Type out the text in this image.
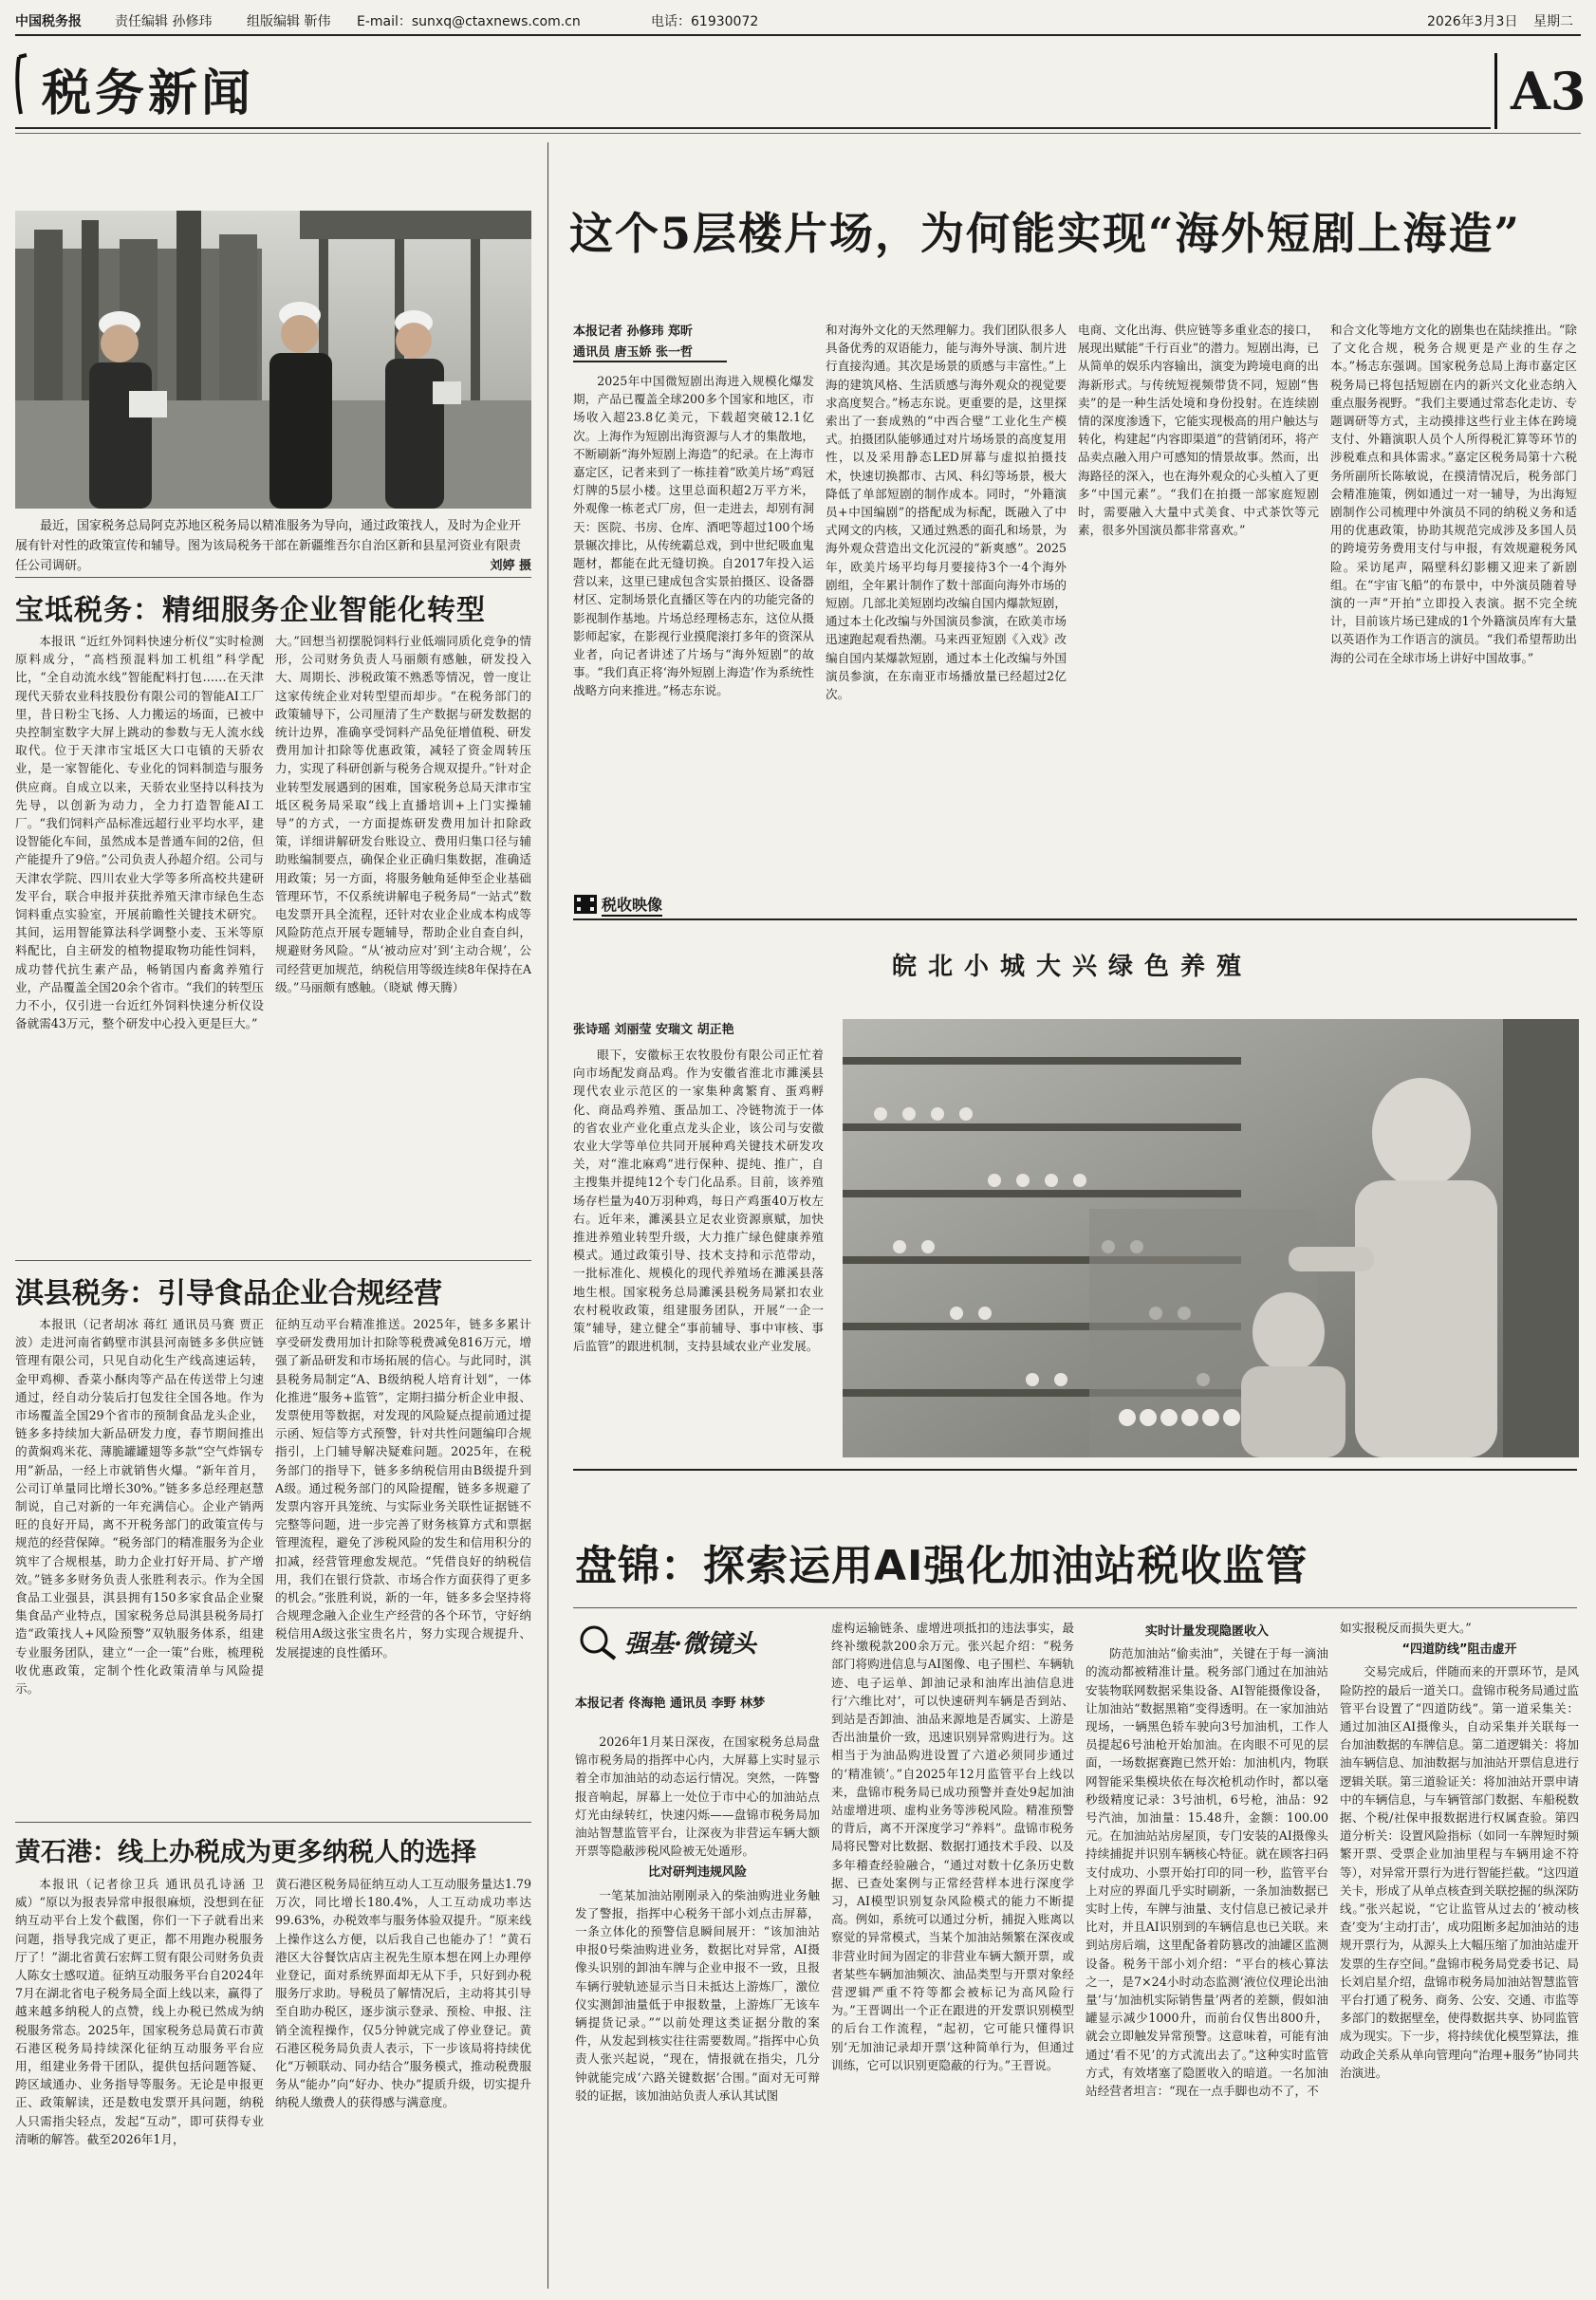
中国税务报	责任编辑 孙修玮	组版编辑 靳伟 E-mail：sunxq@ctaxnews.com.cn	电话：61930072	2026年3月3日 星期二
税务新闻	A3
最近，国家税务总局阿克苏地区税务局以精准服务为导向，通过政策找人，及时为企业开展有针对性的政策宣传和辅导。图为该局税务干部在新疆维吾尔自治区新和县星河资业有限责任公司调研。	刘婷 摄
宝坻税务：精细服务企业智能化转型

本报讯 “近红外饲料快速分析仪”实时检测原料成分，“高档预混料加工机组”科学配比，“全自动流水线”智能配料打包……在天津现代天骄农业科技股份有限公司的智能AI工厂里，昔日粉尘飞扬、人力搬运的场面，已被中央控制室数字大屏上跳动的参数与无人流水线取代。位于天津市宝坻区大口屯镇的天骄农业，是一家智能化、专业化的饲料制造与服务供应商。自成立以来，天骄农业坚持以科技为先导，以创新为动力，全力打造智能AI工厂。“我们饲料产品标准远超行业平均水平，建设智能化车间，虽然成本是普通车间的2倍，但产能提升了9倍。”公司负责人孙超介绍。公司与天津农学院、四川农业大学等多所高校共建研发平台，联合申报并获批养殖天津市绿色生态饲料重点实验室，开展前瞻性关键技术研究。其间，运用智能算法科学调整小麦、玉米等原料配比，自主研发的植物提取物功能性饲料，成功替代抗生素产品，畅销国内畜禽养殖行业，产品覆盖全国20余个省市。“我们的转型压力不小，仅引进一台近红外饲料快速分析仪设备就需43万元，整个研发中心投入更是巨大。”

大。”回想当初摆脱饲料行业低端同质化竞争的情形，公司财务负责人马丽颇有感触，研发投入大、周期长、涉税政策不熟悉等情况，曾一度让这家传统企业对转型望而却步。“在税务部门的政策辅导下，公司厘清了生产数据与研发数据的统计边界，准确享受饲料产品免征增值税、研发费用加计扣除等优惠政策，减轻了资金周转压力，实现了科研创新与税务合规双提升。”针对企业转型发展遇到的困难，国家税务总局天津市宝坻区税务局采取“线上直播培训+上门实操辅导”的方式，一方面提炼研发费用加计扣除政策，详细讲解研发台账设立、费用归集口径与辅助账编制要点，确保企业正确归集数据，准确适用政策；另一方面，将服务触角延伸至企业基础管理环节，不仅系统讲解电子税务局“一站式”数电发票开具全流程，还针对农业企业成本构成等风险防范点开展专题辅导，帮助企业自查自纠，规避财务风险。“从‘被动应对’到‘主动合规’，公司经营更加规范，纳税信用等级连续8年保持在A级。”马丽颇有感触。（晓斌 傅天腾）

淇县税务：引导食品企业合规经营

本报讯（记者胡冰 蒋红 通讯员马赛 贾正波）走进河南省鹤壁市淇县河南链多多供应链管理有限公司，只见自动化生产线高速运转，金甲鸡柳、香菜小酥肉等产品在传送带上匀速通过，经自动分装后打包发往全国各地。作为市场覆盖全国29个省市的预制食品龙头企业，链多多持续加大新品研发力度，春节期间推出的黄焖鸡米花、薄脆罐罐翅等多款“空气炸锅专用”新品，一经上市就销售火爆。“新年首月，公司订单量同比增长30%。”链多多总经理赵慧制说，自己对新的一年充满信心。企业产销两旺的良好开局，离不开税务部门的政策宣传与规范的经营保障。“税务部门的精准服务为企业筑牢了合规根基，助力企业打好开局、扩产增效。”链多多财务负责人张胜利表示。作为全国食品工业强县，淇县拥有150多家食品企业聚集食品产业特点，国家税务总局淇县税务局打造“政策找人+风险预警”双轨服务体系，组建专业服务团队，建立“一企一策”台账，梳理税收优惠政策，定制个性化政策清单与风险提示。

征纳互动平台精准推送。2025年，链多多累计享受研发费用加计扣除等税费减免816万元，增强了新品研发和市场拓展的信心。与此同时，淇县税务局制定“A、B级纳税人培育计划”，一体化推进“服务+监管”，定期扫描分析企业申报、发票使用等数据，对发现的风险疑点提前通过提示函、短信等方式预警，针对共性问题编印合规指引，上门辅导解决疑难问题。2025年，在税务部门的指导下，链多多纳税信用由B级提升到A级。通过税务部门的风险提醒，链多多规避了发票内容开具笼统、与实际业务关联性证据链不完整等问题，进一步完善了财务核算方式和票据管理流程，避免了涉税风险的发生和信用积分的扣减，经营管理愈发规范。“凭借良好的纳税信用，我们在银行贷款、市场合作方面获得了更多的机会。”张胜利说，新的一年，链多多会坚持将合规理念融入企业生产经营的各个环节，守好纳税信用A级这张宝贵名片，努力实现合规提升、发展提速的良性循环。

黄石港：线上办税成为更多纳税人的选择

本报讯（记者徐卫兵 通讯员孔诗涵 卫威）“原以为报表异常申报很麻烦，没想到在征纳互动平台上发个截图，你们一下子就看出来问题，指导我完成了更正，都不用跑办税服务厅了！”湖北省黄石宏辉工贸有限公司财务负责人陈女士感叹道。征纳互动服务平台自2024年7月在湖北省电子税务局全面上线以来，赢得了越来越多纳税人的点赞，线上办税已然成为纳税服务常态。2025年，国家税务总局黄石市黄石港区税务局持续深化征纳互动服务平台应用，组建业务骨干团队，提供包括问题答疑、跨区域通办、业务指导等服务。无论是申报更正、政策解读，还是数电发票开具问题，纳税人只需指尖轻点，发起“互动”，即可获得专业清晰的解答。截至2026年1月，

黄石港区税务局征纳互动人工互动服务量达1.79万次，同比增长180.4%，人工互动成功率达99.63%，办税效率与服务体验双提升。“原来线上操作这么方便，以后我自己也能办了！”黄石港区大谷餐饮店店主祝先生原本想在网上办理停业登记，面对系统界面却无从下手，只好到办税服务厅求助。导税员了解情况后，主动将其引导至自助办税区，逐步演示登录、预检、申报、注销全流程操作，仅5分钟就完成了停业登记。黄石港区税务局负责人表示，下一步该局将持续优化“万顿联动、同办结合”服务模式，推动税费服务从“能办”向“好办、快办”提质升级，切实提升纳税人缴费人的获得感与满意度。

这个5层楼片场，为何能实现“海外短剧上海造”
本报记者 孙修玮 郑昕
通讯员 唐玉娇 张一哲

2025年中国微短剧出海进入规模化爆发期，产品已覆盖全球200多个国家和地区，市场收入超23.8亿美元，下载超突破12.1亿次。上海作为短剧出海资源与人才的集散地，不断刷新“海外短剧上海造”的纪录。在上海市嘉定区，记者来到了一栋挂着“欧美片场”鸡冠灯牌的5层小楼。这里总面积超2万平方米，外观像一栋老式厂房，但一走进去，却别有洞天：医院、书房、仓库、酒吧等超过100个场景辗次排比，从传统霸总戏，到中世纪吸血鬼题材，都能在此无缝切换。自2017年投入运营以来，这里已建成包含实景拍摄区、设备器材区、定制场景化直播区等在内的功能完备的影视制作基地。片场总经理杨志东，这位从摄影师起家，在影视行业摸爬滚打多年的资深从业者，向记者讲述了片场与“海外短剧”的故事。“我们真正将‘海外短剧上海造’作为系统性战略方向来推进。”杨志东说。

和对海外文化的天然理解力。我们团队很多人具备优秀的双语能力，能与海外导演、制片进行直接沟通。其次是场景的质感与丰富性。”上海的建筑风格、生活质感与海外观众的视觉要求高度契合。”杨志东说。更重要的是，这里探索出了一套成熟的“中西合璧”工业化生产模式。拍摄团队能够通过对片场场景的高度复用性，以及采用静态LED屏幕与虚拟拍摄技术，快速切换都市、古风、科幻等场景，极大降低了单部短剧的制作成本。同时，“外籍演员+中国编剧”的搭配成为标配，既融入了中式网文的内核，又通过熟悉的面孔和场景，为海外观众营造出文化沉浸的“新爽感”。2025年，欧美片场平均每月要接待3个一4个海外剧组，全年累计制作了数十部面向海外市场的短剧。几部北美短剧均改编自国内爆款短剧，通过本土化改编与外国演员参演，在欧美市场迅速跑起观看热潮。马来西亚短剧《入戏》改编自国内某爆款短剧，通过本土化改编与外国演员参演，在东南亚市场播放量已经超过2亿次。

电商、文化出海、供应链等多重业态的接口，展现出赋能“千行百业”的潜力。短剧出海，已从简单的娱乐内容输出，演变为跨境电商的出海新形式。与传统短视频带货不同，短剧“售卖”的是一种生活处境和身份投射。在连续剧情的深度渗透下，它能实现极高的用户触达与转化，构建起“内容即渠道”的营销闭环，将产品卖点融入用户可感知的情景故事。然而，出海路径的深入，也在海外观众的心头植入了更多“中国元素”。“我们在拍摄一部家庭短剧时，需要融入大量中式美食、中式茶饮等元素，很多外国演员都非常喜欢。”

和合文化等地方文化的剧集也在陆续推出。“除了文化合规，税务合规更是产业的生存之本。”杨志东强调。国家税务总局上海市嘉定区税务局已将包括短剧在内的新兴文化业态纳入重点服务视野。“我们主要通过常态化走访、专题调研等方式，主动摸排这些行业主体在跨境支付、外籍演职人员个人所得税汇算等环节的涉税难点和具体需求。”嘉定区税务局第十六税务所副所长陈敏说，在摸清情况后，税务部门会精准施策，例如通过一对一辅导，为出海短剧制作公司梳理中外演员不同的纳税义务和适用的优惠政策，协助其规范完成涉及多国人员的跨境劳务费用支付与申报，有效规避税务风险。采访尾声，隔壁科幻影棚又迎来了新剧组。在“宇宙飞船”的布景中，中外演员随着导演的一声“开拍”立即投入表演。据不完全统计，目前该片场已建成的1个外籍演员库有大量以英语作为工作语言的演员。“我们希望帮助出海的公司在全球市场上讲好中国故事。”

税收映像
皖北小城大兴绿色养殖
张诗瑶 刘丽莹 安瑞文 胡正艳

眼下，安徽标王农牧股份有限公司正忙着向市场配发商品鸡。作为安徽省淮北市濉溪县现代农业示范区的一家集种禽繁育、蛋鸡孵化、商品鸡养殖、蛋品加工、冷链物流于一体的省农业产业化重点龙头企业，该公司与安徽农业大学等单位共同开展种鸡关键技术研发攻关，对“淮北麻鸡”进行保种、提纯、推广，自主搜集并提纯12个专门化品系。目前，该养殖场存栏量为40万羽种鸡，每日产鸡蛋40万枚左右。近年来，濉溪县立足农业资源禀赋，加快推进养殖业转型升级，大力推广绿色健康养殖模式。通过政策引导、技术支持和示范带动，一批标准化、规模化的现代养殖场在濉溪县落地生根。国家税务总局濉溪县税务局紧扣农业农村税收政策，组建服务团队，开展“一企一策”辅导，建立健全“事前辅导、事中审核、事后监管”的跟进机制，支持县域农业产业发展。

盘锦：探索运用AI强化加油站税收监管
强基·微镜头
本报记者 佟海艳 通讯员 李野 林梦

2026年1月某日深夜，在国家税务总局盘锦市税务局的指挥中心内，大屏幕上实时显示着全市加油站的动态运行情况。突然，一阵警报音响起，屏幕上一处位于市中心的加油站点灯光由绿转红，快速闪烁——盘锦市税务局加油站智慧监管平台，让深夜为非营运车辆大额开票等隐蔽涉税风险被无处遁形。

比对研判违规风险

一笔某加油站刚刚录入的柴油购进业务触发了警报，指挥中心税务干部小刘点击屏幕，一条立体化的预警信息瞬间展开：“该加油站申报0号柴油购进业务，数据比对异常，AI摄像头识别的卸油车牌与企业申报不一致，且报车辆行驶轨迹显示当日未抵达上游炼厂，激位仪实测卸油量低于申报数量，上游炼厂无该车辆提货记录。”“以前处理这类证据分散的案件，从发起到核实往往需要数周。”指挥中心负责人张兴起说，“现在，情报就在指尖，几分钟就能完成‘六路关键数据’合围。”面对无可辩驳的证据，该加油站负责人承认其试图

虚构运输链条、虚增进项抵扣的违法事实，最终补缴税款200余万元。张兴起介绍：“税务部门将购进信息与AI图像、电子围栏、车辆轨迹、电子运单、卸油记录和油库出油信息进行‘六维比对’，可以快速研判车辆是否到站、到站是否卸油、油品来源地是否属实、上游是否出油量价一致，迅速识别异常购进行为。这相当于为油品购进设置了六道必须同步通过的‘精准锁’。”自2025年12月监管平台上线以来，盘锦市税务局已成功预警并查处9起加油站虚增进项、虚构业务等涉税风险。精准预警的背后，离不开深度学习“养料”。盘锦市税务局将民警对比数据、数据打通技术手段、以及多年稽查经验融合，“通过对数十亿条历史数据、已查处案例与正常经营样本进行深度学习，AI模型识别复杂风险模式的能力不断提高。例如，系统可以通过分析，捕捉入账离以察觉的异常模式，当某个加油站频繁在深夜或非营业时间为固定的非营业车辆大额开票，或者某些车辆加油频次、油品类型与开票对象经营逻辑严重不符等都会被标记为高风险行为。”王晋调出一个正在跟进的开发票识别模型的后台工作流程，“起初，它可能只懂得识别‘无加油记录却开票’这种简单行为，但通过训练，它可以识别更隐蔽的行为。”王晋说。

实时计量发现隐匿收入

防范加油站“偷卖油”，关键在于每一滴油的流动都被精准计量。税务部门通过在加油站安装物联网数据采集设备、AI智能摄像设备，让加油站“数据黑箱”变得透明。在一家加油站现场，一辆黑色轿车驶向3号加油机，工作人员提起6号油枪开始加油。在肉眼不可见的层面，一场数据赛跑已然开始：加油机内，物联网智能采集模块依在每次枪机动作时，都以毫秒级精度记录：3号油机，6号枪，油品：92号汽油，加油量：15.48升，金额：100.00元。在加油站站房屋顶，专门安装的AI摄像头持续捕捉并识别车辆核心特征。就在顾客扫码支付成功、小票开始打印的同一秒，监管平台上对应的界面几乎实时刷新，一条加油数据已实时上传，车牌与油量、支付信息已被记录并比对，并且AI识别到的车辆信息也已关联。来到站房后端，这里配备着防篡改的油罐区监测设备。税务干部小刘介绍：“平台的核心算法之一，是7×24小时动态监测‘液位仪理论出油量’与‘加油机实际销售量’两者的差额，假如油罐显示减少1000升，而前台仅售出800升，就会立即触发异常预警。这意味着，可能有油通过‘看不见’的方式流出去了。”这种实时监管方式，有效堵塞了隐匿收入的暗道。一名加油站经营者坦言：“现在一点手脚也动不了，不

如实报税反而损失更大。”

“四道防线”阻击虚开

交易完成后，伴随而来的开票环节，是风险防控的最后一道关口。盘锦市税务局通过监管平台设置了“四道防线”。第一道采集关：通过加油区AI摄像头，自动采集并关联每一台加油数据的车牌信息。第二道逻辑关：将加油车辆信息、加油数据与加油站开票信息进行逻辑关联。第三道验证关：将加油站开票申请中的车辆信息，与车辆管部门数据、车船税数据、个税/社保申报数据进行权属查验。第四道分析关：设置风险指标（如同一车牌短时频繁开票、受票企业加油里程与车辆用途不符等），对异常开票行为进行智能拦截。“这四道关卡，形成了从单点核查到关联挖掘的纵深防线。”张兴起说，“它让监管从过去的‘被动核查’变为‘主动打击’，成功阻断多起加油站的违规开票行为，从源头上大幅压缩了加油站虚开发票的生存空间。”盘锦市税务局党委书记、局长刘启星介绍，盘锦市税务局加油站智慧监管平台打通了税务、商务、公安、交通、市监等多部门的数据壁垒，使得数据共享、协同监管成为现实。下一步，将持续优化模型算法，推动政企关系从单向管理向“治理+服务”协同共治演进。
